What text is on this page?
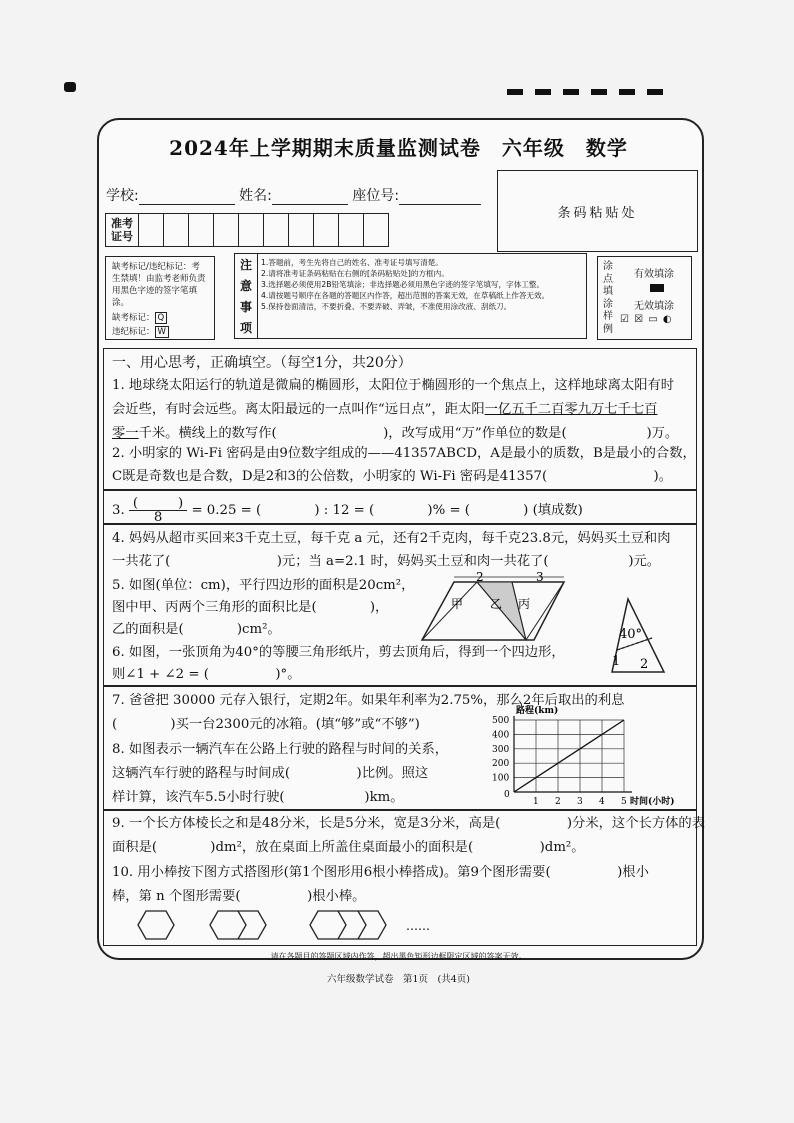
2024年上学期期末质量监测试卷　六年级　数学
学校:	姓名:	座位号:
条码粘贴处
准考
证号
缺考标记/违纪标记：考生禁填！由监考老师负责用黑色字迹的签字笔填涂。
缺考标记： Q
违纪标记： W
注
意
事
项
1.答题前，考生先将自己的姓名、准考证号填写清楚。
2.请将准考证条码粘贴在右侧的[条码粘贴处]的方框内。
3.选择题必须使用2B铅笔填涂；非选择题必须用黑色字迹的签字笔填写，字体工整。
4.请按题号顺序在各题的答题区内作答，超出范围的答案无效，在草稿纸上作答无效。
5.保持卷面清洁，不要折叠、不要弄破、弄皱，不准使用涂改液、刮纸刀。
涂
点
填
涂
样
例
有效填涂
无效填涂
☑ ☒ ▭ ◐
一、用心思考，正确填空。（每空1分，共20分）
1. 地球绕太阳运行的轨道是微扁的椭圆形，太阳位于椭圆形的一个焦点上，这样地球离太阳有时
会近些，有时会远些。离太阳最远的一点叫作“远日点”，距太阳一亿五千二百零九万七千七百
零一千米。横线上的数写作(　　　　　　　　)，改写成用“万”作单位的数是(　　　　　　)万。
2. 小明家的 Wi-Fi 密码是由9位数字组成的——41357ABCD，A是最小的质数，B是最小的合数，
C既是奇数也是合数，D是2和3的公倍数，小明家的 Wi-Fi 密码是41357(　　　　　　　　)。
3. (　　　)
8	= 0.25 = (　　　　) : 12 = (　　　　)% = (　　　　) (填成数)
4. 妈妈从超市买回来3千克土豆，每千克 a 元，还有2千克肉，每千克23.8元，妈妈买土豆和肉
一共花了(　　　　　　　　)元；当 a=2.1 时，妈妈买土豆和肉一共花了(　　　　　　)元。
5. 如图(单位：cm)，平行四边形的面积是20cm²，
图中甲、丙两个三角形的面积比是(　　　　)，
乙的面积是(　　　　)cm²。
6. 如图，一张顶角为40°的等腰三角形纸片，剪去顶角后，得到一个四边形，
则∠1 + ∠2 = (　　　　　)°。
2	3
甲 乙 丙
40°
1 2
7. 爸爸把 30000 元存入银行，定期2年。如果年利率为2.75%，那么2年后取出的利息
(　　　　)买一台2300元的冰箱。(填“够”或“不够”)
8. 如图表示一辆汽车在公路上行驶的路程与时间的关系，
这辆汽车行驶的路程与时间成(　　　　　)比例。照这
样计算，该汽车5.5小时行驶(　　　　　　)km。	1 2 3 4 5
100
200
300
400
500
0
路程(km)
时间(小时)
9. 一个长方体棱长之和是48分米，长是5分米，宽是3分米，高是(　　　　　)分米，这个长方体的表
面积是(　　　　)dm²，放在桌面上所盖住桌面最小的面积是(　　　　　)dm²。
10. 用小棒按下图方式搭图形(第1个图形用6根小棒搭成)。第9个图形需要(　　　　　)根小
棒，第 n 个图形需要(　　　　　)根小棒。
……
请在各题目的答题区域内作答，超出黑色矩形边框限定区域的答案无效。
六年级数学试卷　第1页　(共4页)
